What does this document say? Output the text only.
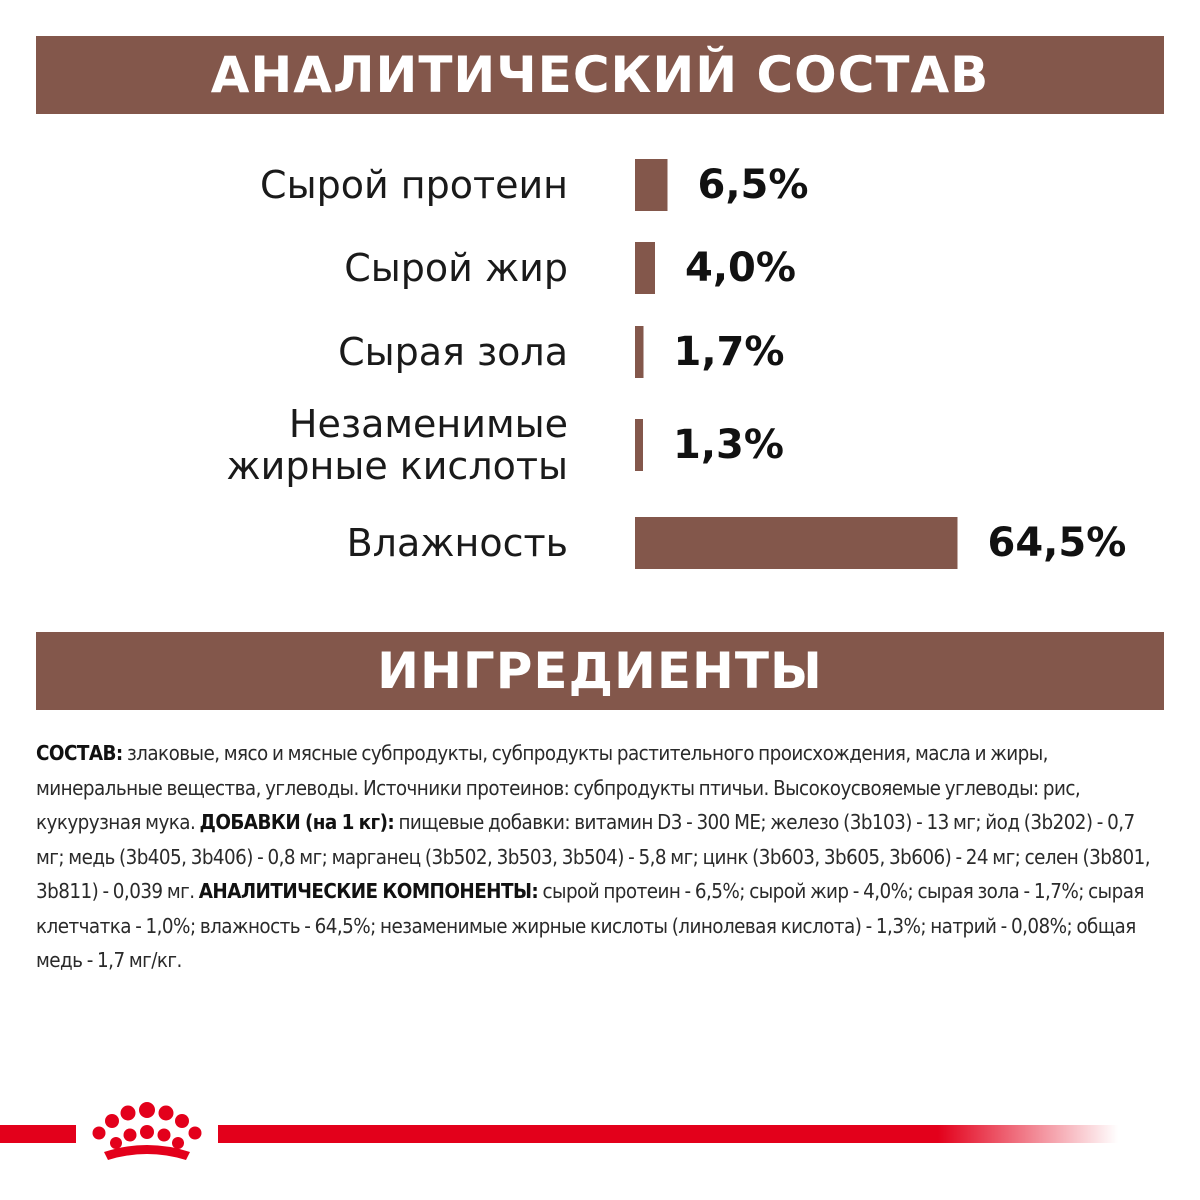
АНАЛИТИЧЕСКИЙ СОСТАВ
Сырой протеин	6,5%
Сырой жир	4,0%
Сырая зола	1,7%
Незаменимые жирные кислоты	1,3%
Влажность	64,5%
ИНГРЕДИЕНТЫ
СОСТАВ: злаковые, мясо и мясные субпродукты, субпродукты растительного происхождения, масла и жиры, минеральные вещества, углеводы. Источники протеинов: субпродукты птичьи. Высокоусвояемые углеводы: рис, кукурузная мука. ДОБАВКИ (на 1 кг): пищевые добавки: витамин D3 - 300 МЕ; железо (3b103) - 13 мг; йод (3b202) - 0,7 мг; медь (3b405, 3b406) - 0,8 мг; марганец (3b502, 3b503, 3b504) - 5,8 мг; цинк (3b603, 3b605, 3b606) - 24 мг; селен (3b801, 3b811) - 0,039 мг. АНАЛИТИЧЕСКИЕ КОМПОНЕНТЫ: сырой протеин - 6,5%; сырой жир - 4,0%; сырая зола - 1,7%; сырая клетчатка - 1,0%; влажность - 64,5%; незаменимые жирные кислоты (линолевая кислота) - 1,3%; натрий - 0,08%; общая медь - 1,7 мг/кг.
